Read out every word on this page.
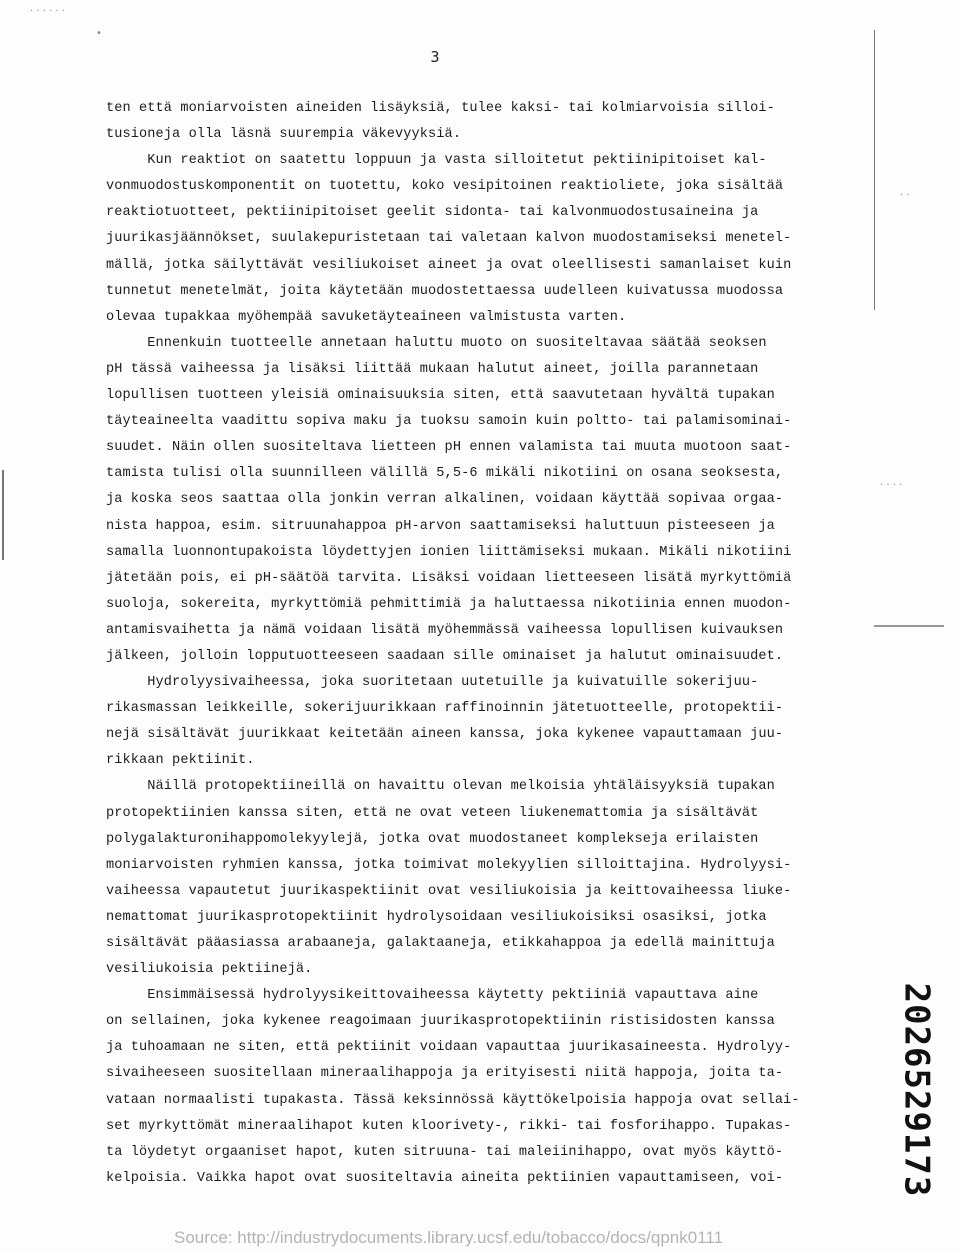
3
ten että moniarvoisten aineiden lisäyksiä, tulee kaksi- tai kolmiarvoisia silloi-
tusioneja olla läsnä suurempia väkevyyksiä.
Kun reaktiot on saatettu loppuun ja vasta silloitetut pektiinipitoiset kal-
vonmuodostuskomponentit on tuotettu, koko vesipitoinen reaktioliete, joka sisältää
reaktiotuotteet, pektiinipitoiset geelit sidonta- tai kalvonmuodostusaineina ja
juurikasjäännökset, suulakepuristetaan tai valetaan kalvon muodostamiseksi menetel-
mällä, jotka säilyttävät vesiliukoiset aineet ja ovat oleellisesti samanlaiset kuin
tunnetut menetelmät, joita käytetään muodostettaessa uudelleen kuivatussa muodossa
olevaa tupakkaa myöhempää savuketäyteaineen valmistusta varten.
Ennenkuin tuotteelle annetaan haluttu muoto on suositeltavaa säätää seoksen
pH tässä vaiheessa ja lisäksi liittää mukaan halutut aineet, joilla parannetaan
lopullisen tuotteen yleisiä ominaisuuksia siten, että saavutetaan hyvältä tupakan
täyteaineelta vaadittu sopiva maku ja tuoksu samoin kuin poltto- tai palamisominai-
suudet. Näin ollen suositeltava lietteen pH ennen valamista tai muuta muotoon saat-
tamista tulisi olla suunnilleen välillä 5,5-6 mikäli nikotiini on osana seoksesta,
ja koska seos saattaa olla jonkin verran alkalinen, voidaan käyttää sopivaa orgaa-
nista happoa, esim. sitruunahappoa pH-arvon saattamiseksi haluttuun pisteeseen ja
samalla luonnontupakoista löydettyjen ionien liittämiseksi mukaan. Mikäli nikotiini
jätetään pois, ei pH-säätöä tarvita. Lisäksi voidaan lietteeseen lisätä myrkyttömiä
suoloja, sokereita, myrkyttömiä pehmittimiä ja haluttaessa nikotiinia ennen muodon-
antamisvaihetta ja nämä voidaan lisätä myöhemmässä vaiheessa lopullisen kuivauksen
jälkeen, jolloin lopputuotteeseen saadaan sille ominaiset ja halutut ominaisuudet.
Hydrolyysivaiheessa, joka suoritetaan uutetuille ja kuivatuille sokerijuu-
rikasmassan leikkeille, sokerijuurikkaan raffinoinnin jätetuotteelle, protopektii-
nejä sisältävät juurikkaat keitetään aineen kanssa, joka kykenee vapauttamaan juu-
rikkaan pektiinit.
Näillä protopektiineillä on havaittu olevan melkoisia yhtäläisyyksiä tupakan
protopektiinien kanssa siten, että ne ovat veteen liukenemattomia ja sisältävät
polygalakturonihappomolekyylejä, jotka ovat muodostaneet komplekseja erilaisten
moniarvoisten ryhmien kanssa, jotka toimivat molekyylien silloittajina. Hydrolyysi-
vaiheessa vapautetut juurikaspektiinit ovat vesiliukoisia ja keittovaiheessa liuke-
nemattomat juurikasprotopektiinit hydrolysoidaan vesiliukoisiksi osasiksi, jotka
sisältävät pääasiassa arabaaneja, galaktaaneja, etikkahappoa ja edellä mainittuja
vesiliukoisia pektiinejä.
Ensimmäisessä hydrolyysikeittovaiheessa käytetty pektiiniä vapauttava aine
on sellainen, joka kykenee reagoimaan juurikasprotopektiinin ristisidosten kanssa
ja tuhoamaan ne siten, että pektiinit voidaan vapauttaa juurikasaineesta. Hydrolyy-
sivaiheeseen suositellaan mineraalihappoja ja erityisesti niitä happoja, joita ta-
vataan normaalisti tupakasta. Tässä keksinnössä käyttökelpoisia happoja ovat sellai-
set myrkyttömät mineraalihapot kuten kloorivety-, rikki- tai fosforihappo. Tupakas-
ta löydetyt orgaaniset hapot, kuten sitruuna- tai maleiinihappo, ovat myös käyttö-
kelpoisia. Vaikka hapot ovat suositeltavia aineita pektiinien vapauttamiseen, voi-
· · · · · ·
•
· ·
· · · ·
2026529173
Source: http://industrydocuments.library.ucsf.edu/tobacco/docs/qpnk0111
